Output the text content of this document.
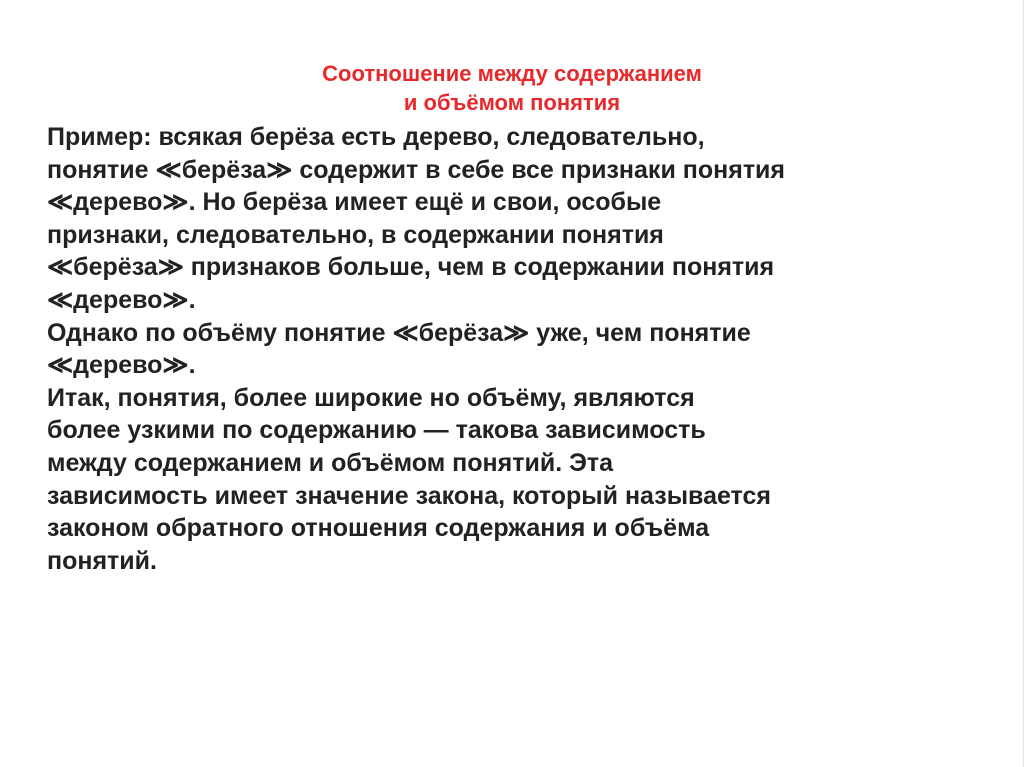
Соотношение между содержанием
и объёмом понятия
Пример: всякая берёза есть дерево, следовательно,
понятие ≪берёза≫ содержит в себе все признаки понятия
≪дерево≫. Но берёза имеет ещё и свои, особые
признаки, следовательно, в содержании понятия
≪берёза≫ признаков больше, чем в содержании понятия
≪дерево≫.
Однако по объёму понятие ≪берёза≫ уже, чем понятие
≪дерево≫.
Итак, понятия, более широкие но объёму, являются
более узкими по содержанию — такова зависимость
между содержанием и объёмом понятий. Эта
зависимость имеет значение закона, который называется
законом обратного отношения содержания и объёма
понятий.
